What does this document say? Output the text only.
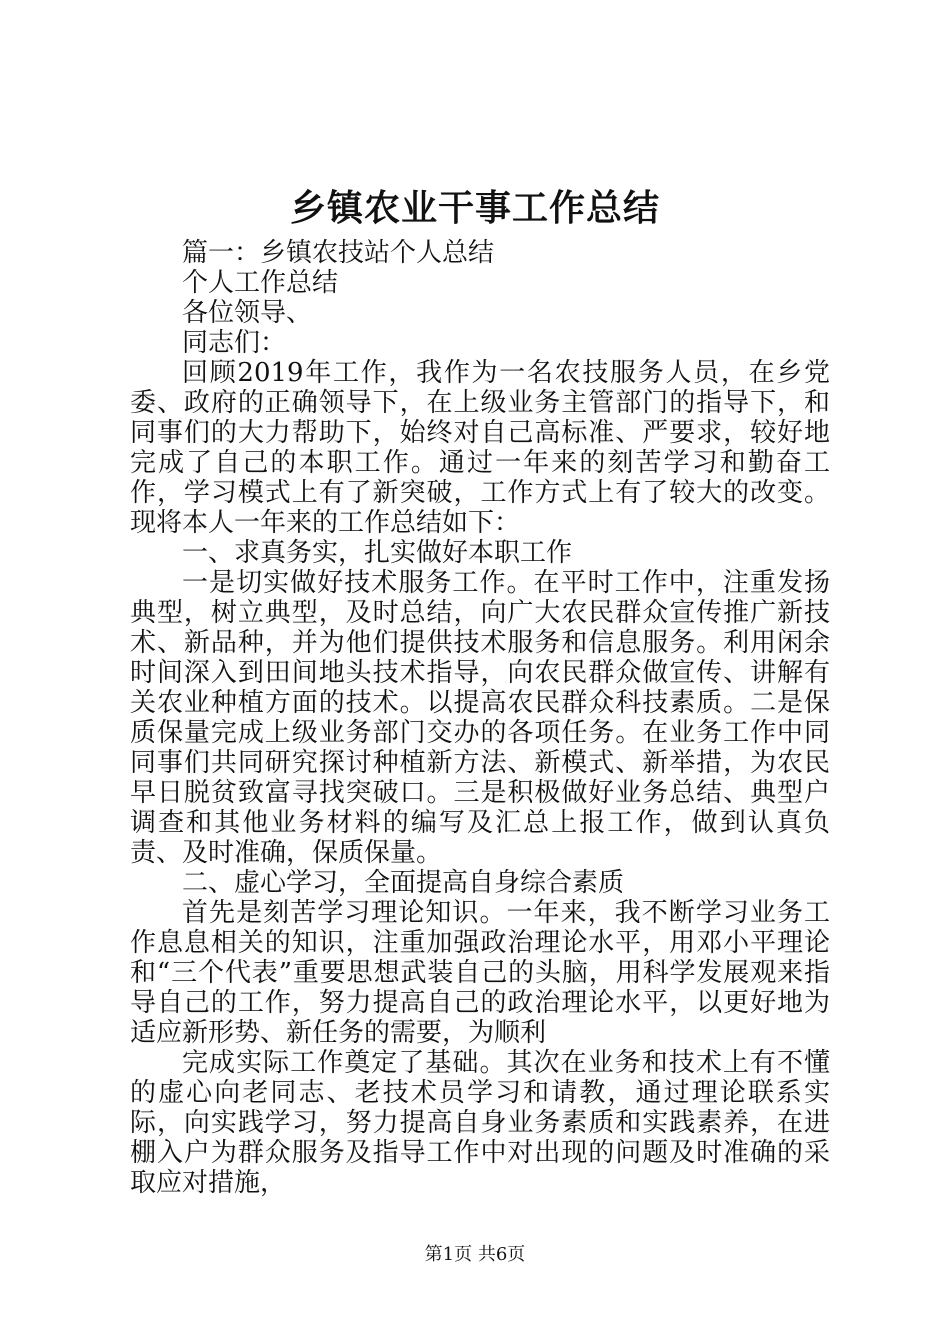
乡镇农业干事工作总结

篇一：乡镇农技站个人总结

个人工作总结

各位领导、

同志们：

回顾2019年工作，我作为一名农技服务人员，在乡党委、政府的正确领导下，在上级业务主管部门的指导下，和同事们的大力帮助下，始终对自己高标准、严要求，较好地完成了自己的本职工作。通过一年来的刻苦学习和勤奋工作，学习模式上有了新突破，工作方式上有了较大的改变。现将本人一年来的工作总结如下：

一、求真务实，扎实做好本职工作

一是切实做好技术服务工作。在平时工作中，注重发扬典型，树立典型，及时总结，向广大农民群众宣传推广新技术、新品种，并为他们提供技术服务和信息服务。利用闲余时间深入到田间地头技术指导，向农民群众做宣传、讲解有关农业种植方面的技术。以提高农民群众科技素质。二是保质保量完成上级业务部门交办的各项任务。在业务工作中同同事们共同研究探讨种植新方法、新模式、新举措，为农民早日脱贫致富寻找突破口。三是积极做好业务总结、典型户调查和其他业务材料的编写及汇总上报工作，做到认真负责、及时准确，保质保量。

二、虚心学习，全面提高自身综合素质

首先是刻苦学习理论知识。一年来，我不断学习业务工作息息相关的知识，注重加强政治理论水平，用邓小平理论和“三个代表”重要思想武装自己的头脑，用科学发展观来指导自己的工作，努力提高自己的政治理论水平，以更好地为适应新形势、新任务的需要，为顺利

完成实际工作奠定了基础。其次在业务和技术上有不懂的虚心向老同志、老技术员学习和请教，通过理论联系实际，向实践学习，努力提高自身业务素质和实践素养，在进棚入户为群众服务及指导工作中对出现的问题及时准确的采取应对措施，

第1页 共6页
